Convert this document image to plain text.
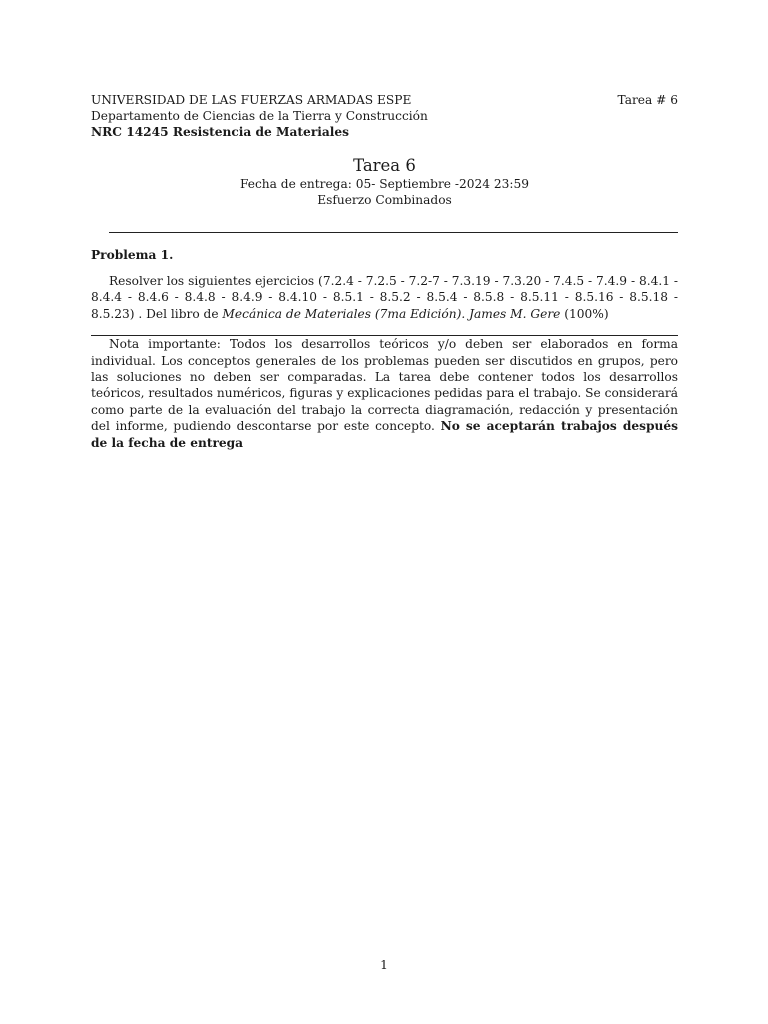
UNIVERSIDAD DE LAS FUERZAS ARMADAS ESPE	Tarea # 6
Departamento de Ciencias de la Tierra y Construcción
NRC 14245 Resistencia de Materiales
Tarea 6
Fecha de entrega: 05- Septiembre -2024 23:59
Esfuerzo Combinados
Problema 1.
Resolver los siguientes ejercicios (7.2.4 - 7.2.5 - 7.2-7 - 7.3.19 - 7.3.20 - 7.4.5 - 7.4.9 - 8.4.1 - 8.4.4 - 8.4.6 - 8.4.8 - 8.4.9 - 8.4.10 - 8.5.1 - 8.5.2 - 8.5.4 - 8.5.8 - 8.5.11 - 8.5.16 - 8.5.18 - 8.5.23) . Del libro de Mecánica de Materiales (7ma Edición). James M. Gere (100%)
Nota importante: Todos los desarrollos teóricos y/o deben ser elaborados en forma individual. Los conceptos generales de los problemas pueden ser discutidos en grupos, pero las soluciones no deben ser comparadas. La tarea debe contener todos los desarrollos teóricos, resultados numéricos, figuras y explicaciones pedidas para el trabajo. Se considerará como parte de la evaluación del trabajo la correcta diagramación, redacción y presentación del informe, pudiendo descontarse por este concepto. No se aceptarán trabajos después de la fecha de entrega
1
